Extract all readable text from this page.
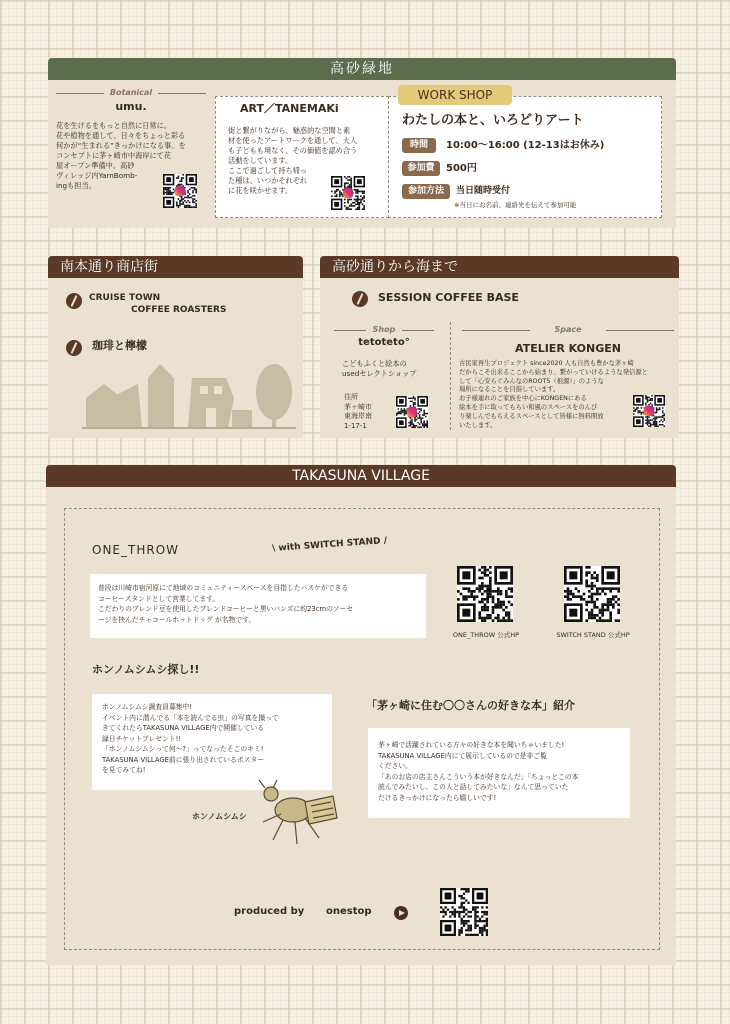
高砂緑地
Botanical
umu.
花を生けるをもっと自然に日常に。
花や植物を通して、日々をちょっと彩る
何かが“生まれる”きっかけになる事。を
コンセプトに茅ヶ崎市中海岸にて花
屋オープン準備中。高砂
ヴィレッジ内YarnBomb-
ingも担当。
ART／TANEMAKi
街と繋がりながら、魅惑的な空間と素
材を使ったアートワークを通して、大人
も子どもも境なく、その価値を認め合う
活動をしています。
ここで過ごして持ち帰っ
た種は、いつかそれぞれ
に花を咲かせます。
WORK SHOP
わたしの本と、いろどりアート
時間	10:00〜16:00 (12-13はお休み)
参加費	500円
参加方法	当日随時受付
※当日にお名前、連絡先を伝えて参加可能
南本通り商店街
CRUISE TOWN
COFFEE ROASTERS
珈琲と檸檬
高砂通りから海まで
SESSION COFFEE BASE
Shop
tetoteto°
こどもふくと絵本の
usedセレクトショップ
住所
茅ヶ崎市
東海岸南
1-17-1
Space
ATELIER KONGEN
古民家再生プロジェクト since2020 人も自然も豊かな茅ヶ崎
だからこそ出来るここから始まり、繋がっていけるような発信源と
して「心安らぐみんなのROOTS（根源）」のような
場所になることを目指しています。
お子様連れのご家族を中心にKONGENにある
絵本を手に取ってもらい和風のスペースをのんび
り楽しんでもらえるスペースとして皆様に無料開放
いたします。
TAKASUNA VILLAGE
ONE_THROW	\ with SWITCH STAND /
普段は川崎市宿河原にて地域のコミュニティースペースを目指したバスケができる
コーヒースタンドとして営業してます。
こだわりのブレンド豆を使用したブレンドコーヒーと黒いバンズに約23cmのソーセ
ージを挟んだチャコールホットドッグ が名物です。
ONE_THROW 公式HP	SWITCH STAND 公式HP
ホンノムシムシ探し!!
ホンノムシムシ調査員募集中!
イベント内に潜んでる「本を読んでる虫」の写真を撮って
きてくれたらTAKASUNA VILLAGE内で開催している
縁日チケットプレゼント!!
「ホンノムシムシって何〜?」ってなったそこのキミ!
TAKASUNA VILLAGE前に張り出されているポスター
を見てみてね!
ホンノムシムシ
「茅ヶ崎に住む〇〇さんの好きな本」紹介
茅ヶ崎で活躍されている方々の好きな本を聞いちゃいました!
TAKASUNA VILLAGE内にて展示しているので是非ご覧
ください。
「あのお店の店主さんこういう本が好きなんだ」「ちょっとこの本
読んでみたいし、この人と話してみたいな」なんて思っていた
だけるきっかけになったら嬉しいです!
produced by onestop
